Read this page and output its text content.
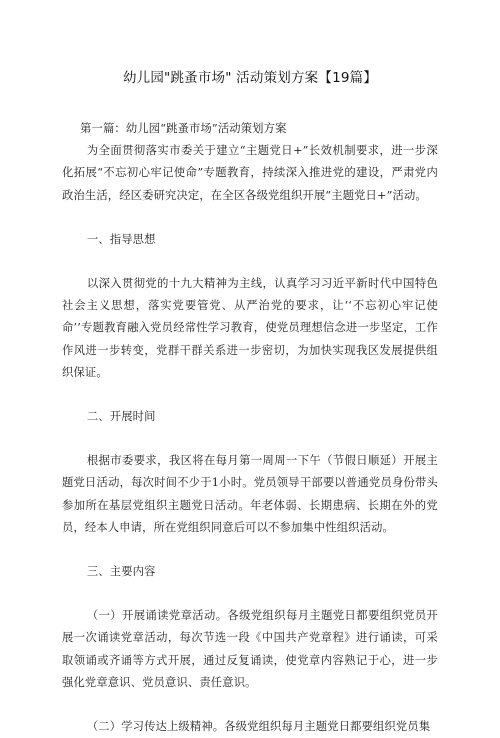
幼儿园"跳蚤市场" 活动策划方案【19篇】

第一篇：幼儿园“跳蚤市场”活动策划方案

为全面贯彻落实市委关于建立“主题党日+”长效机制要求，进一步深化拓展“不忘初心牢记使命”专题教育，持续深入推进党的建设，严肃党内政治生活，经区委研究决定，在全区各级党组织开展“主题党日+”活动。

一、指导思想

以深入贯彻党的十九大精神为主线，认真学习习近平新时代中国特色社会主义思想，落实党要管党、从严治党的要求，让‘‘不忘初心牢记使命’’专题教育融入党员经常性学习教育，使党员理想信念进一步坚定，工作作风进一步转变，党群干群关系进一步密切，为加快实现我区发展提供组织保证。

二、开展时间

根据市委要求，我区将在每月第一周周一下午（节假日顺延）开展主题党日活动，每次时间不少于1小时。党员领导干部要以普通党员身份带头参加所在基层党组织主题党日活动。年老体弱、长期患病、长期在外的党员，经本人申请，所在党组织同意后可以不参加集中性组织活动。

三、主要内容

（一）开展诵读党章活动。各级党组织每月主题党日都要组织党员开展一次诵读党章活动，每次节选一段《中国共产党章程》进行诵读，可采取领诵或齐诵等方式开展，通过反复诵读，使党章内容熟记于心，进一步强化党章意识、党员意识、责任意识。

（二）学习传达上级精神。各级党组织每月主题党日都要组织党员集
